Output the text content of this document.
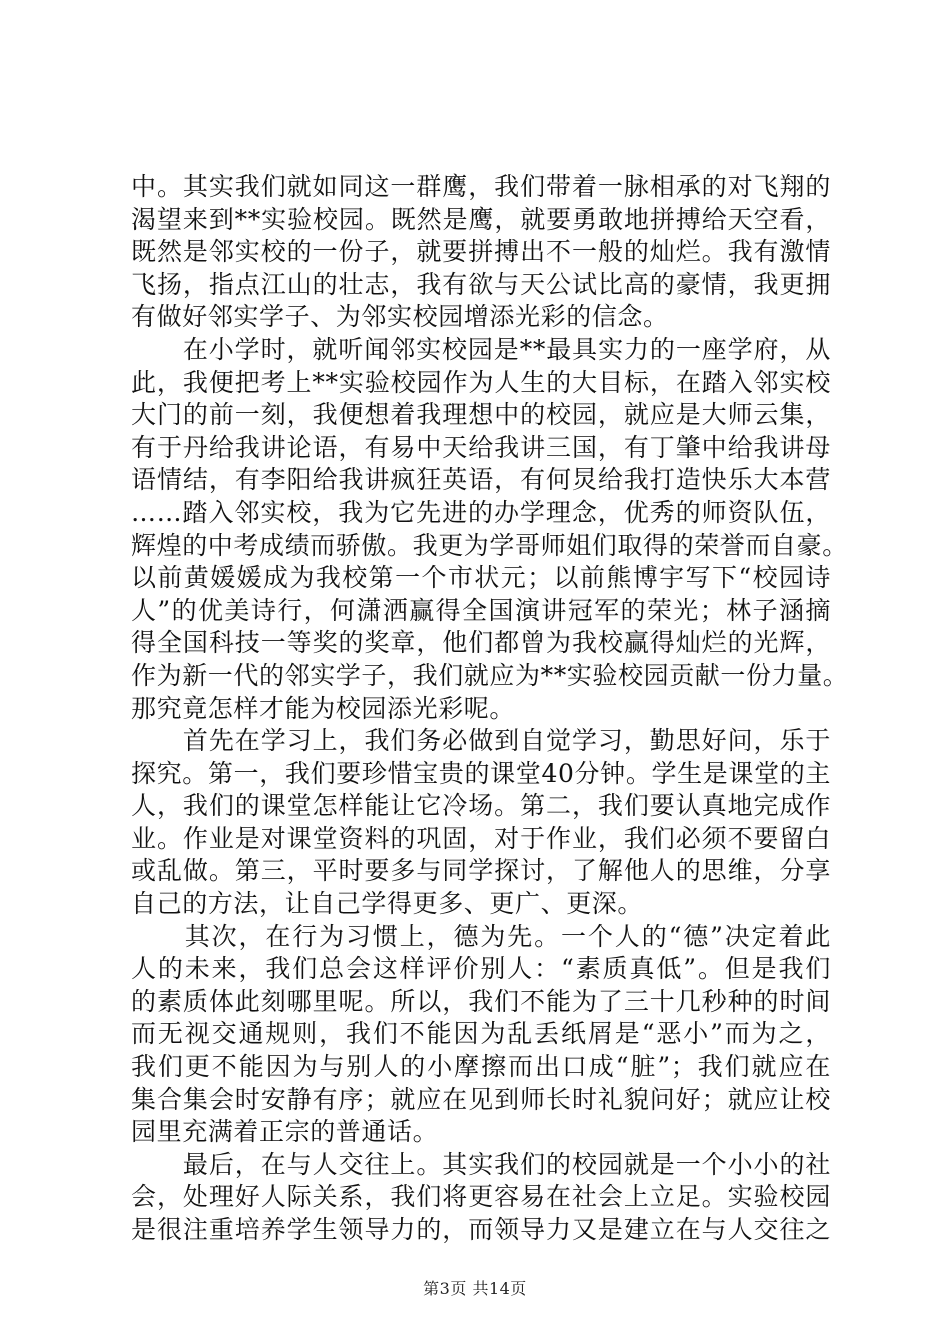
中。其实我们就如同这一群鹰，我们带着一脉相承的对飞翔的
渴望来到**实验校园。既然是鹰，就要勇敢地拼搏给天空看，
既然是邻实校的一份子，就要拼搏出不一般的灿烂。我有激情
飞扬，指点江山的壮志，我有欲与天公试比高的豪情，我更拥
有做好邻实学子、为邻实校园增添光彩的信念。
　　在小学时，就听闻邻实校园是**最具实力的一座学府，从
此，我便把考上**实验校园作为人生的大目标，在踏入邻实校
大门的前一刻，我便想着我理想中的校园，就应是大师云集，
有于丹给我讲论语，有易中天给我讲三国，有丁肇中给我讲母
语情结，有李阳给我讲疯狂英语，有何炅给我打造快乐大本营
……踏入邻实校，我为它先进的办学理念，优秀的师资队伍，
辉煌的中考成绩而骄傲。我更为学哥师姐们取得的荣誉而自豪。
以前黄媛媛成为我校第一个市状元；以前熊博宇写下“校园诗
人”的优美诗行，何潇洒赢得全国演讲冠军的荣光；林子涵摘
得全国科技一等奖的奖章，他们都曾为我校赢得灿烂的光辉，
作为新一代的邻实学子，我们就应为**实验校园贡献一份力量。
那究竟怎样才能为校园添光彩呢。
　　首先在学习上，我们务必做到自觉学习，勤思好问，乐于
探究。第一，我们要珍惜宝贵的课堂40分钟。学生是课堂的主
人，我们的课堂怎样能让它冷场。第二，我们要认真地完成作
业。作业是对课堂资料的巩固，对于作业，我们必须不要留白
或乱做。第三，平时要多与同学探讨，了解他人的思维，分享
自己的方法，让自己学得更多、更广、更深。
　　其次，在行为习惯上，德为先。一个人的“德”决定着此
人的未来，我们总会这样评价别人：“素质真低”。但是我们
的素质体此刻哪里呢。所以，我们不能为了三十几秒种的时间
而无视交通规则，我们不能因为乱丢纸屑是“恶小”而为之，
我们更不能因为与别人的小摩擦而出口成“脏”；我们就应在
集合集会时安静有序；就应在见到师长时礼貌问好；就应让校
园里充满着正宗的普通话。
　　最后，在与人交往上。其实我们的校园就是一个小小的社
会，处理好人际关系，我们将更容易在社会上立足。实验校园
是很注重培养学生领导力的，而领导力又是建立在与人交往之
第3页 共14页
